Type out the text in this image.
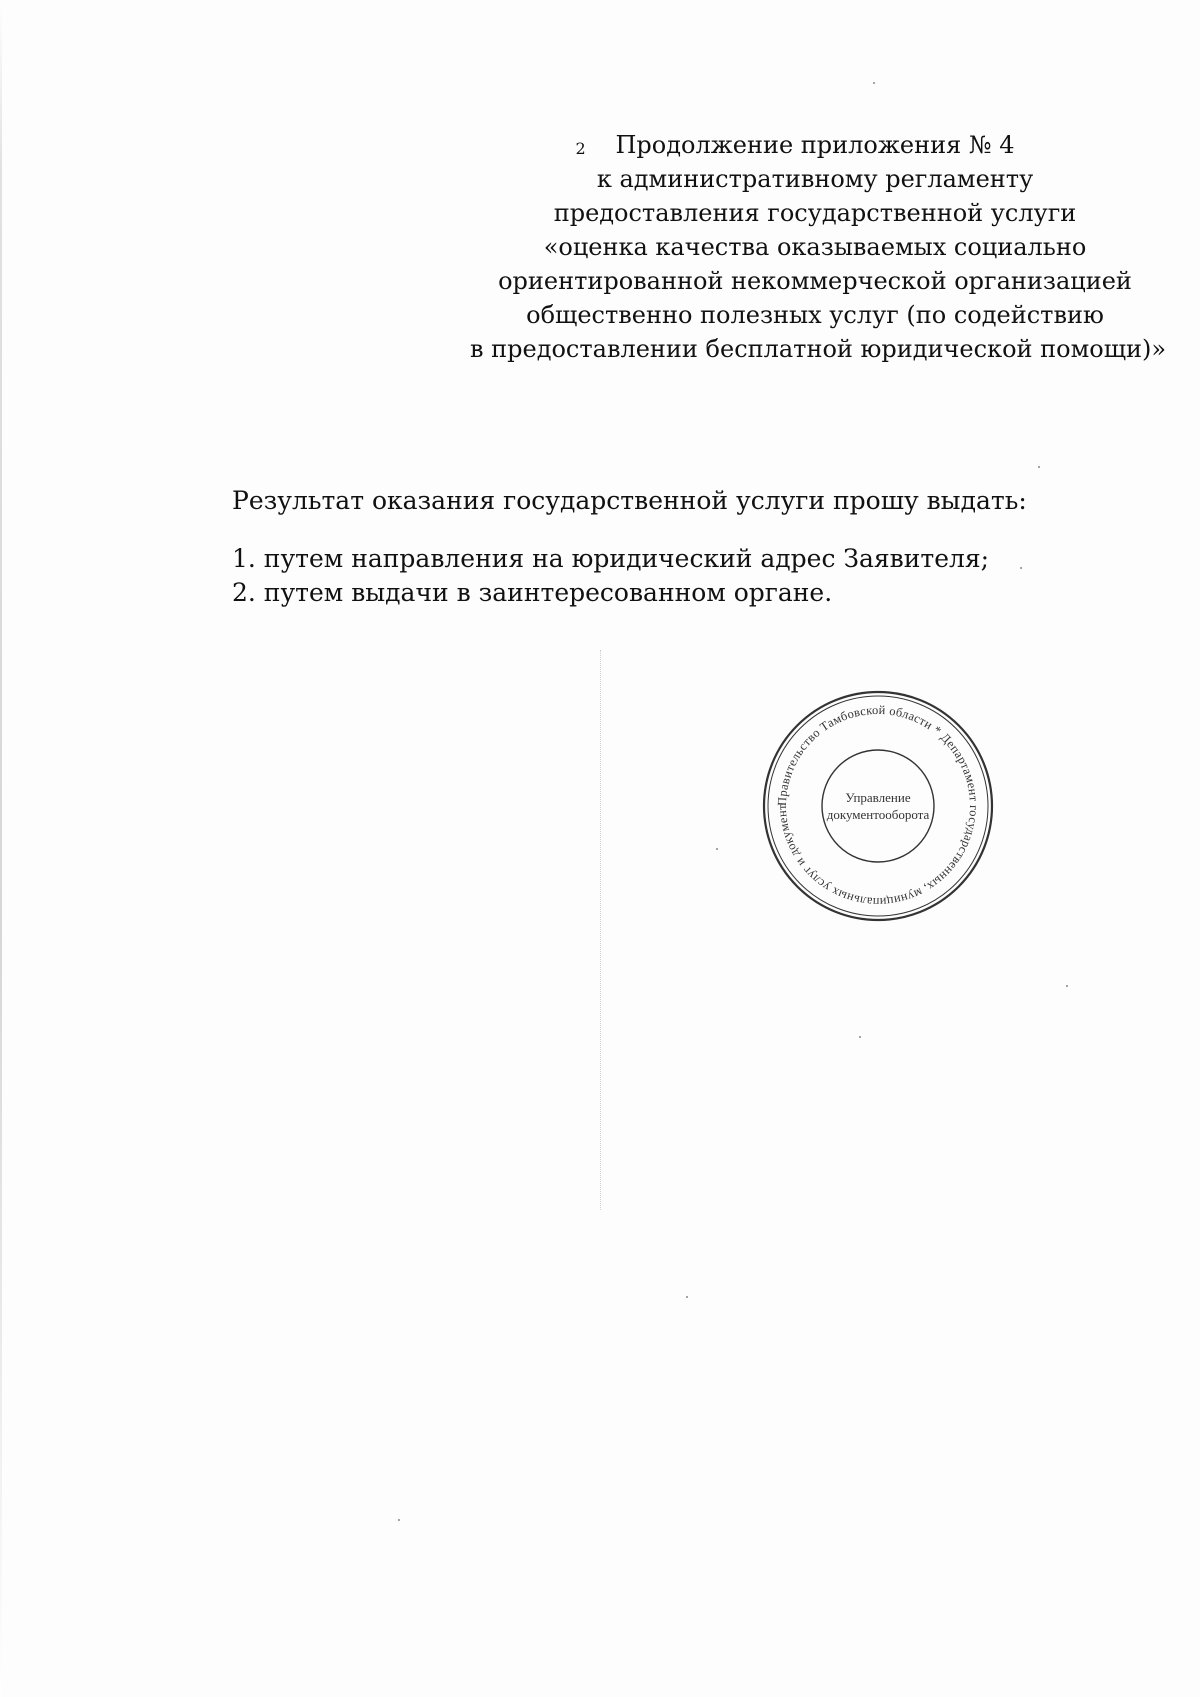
2 Продолжение приложения № 4
к административному регламенту
предоставления государственной услуги
«оценка качества оказываемых социально
ориентированной некоммерческой организацией
общественно полезных услуг (по содействию
в предоставлении бесплатной юридической помощи)»
Результат оказания государственной услуги прошу выдать:
1. путем направления на юридический адрес Заявителя;
2. путем выдачи в заинтересованном органе.
Правительство Тамбовской области * Департамент государственных, муниципальных услуг и документ
Управление
документооборота
